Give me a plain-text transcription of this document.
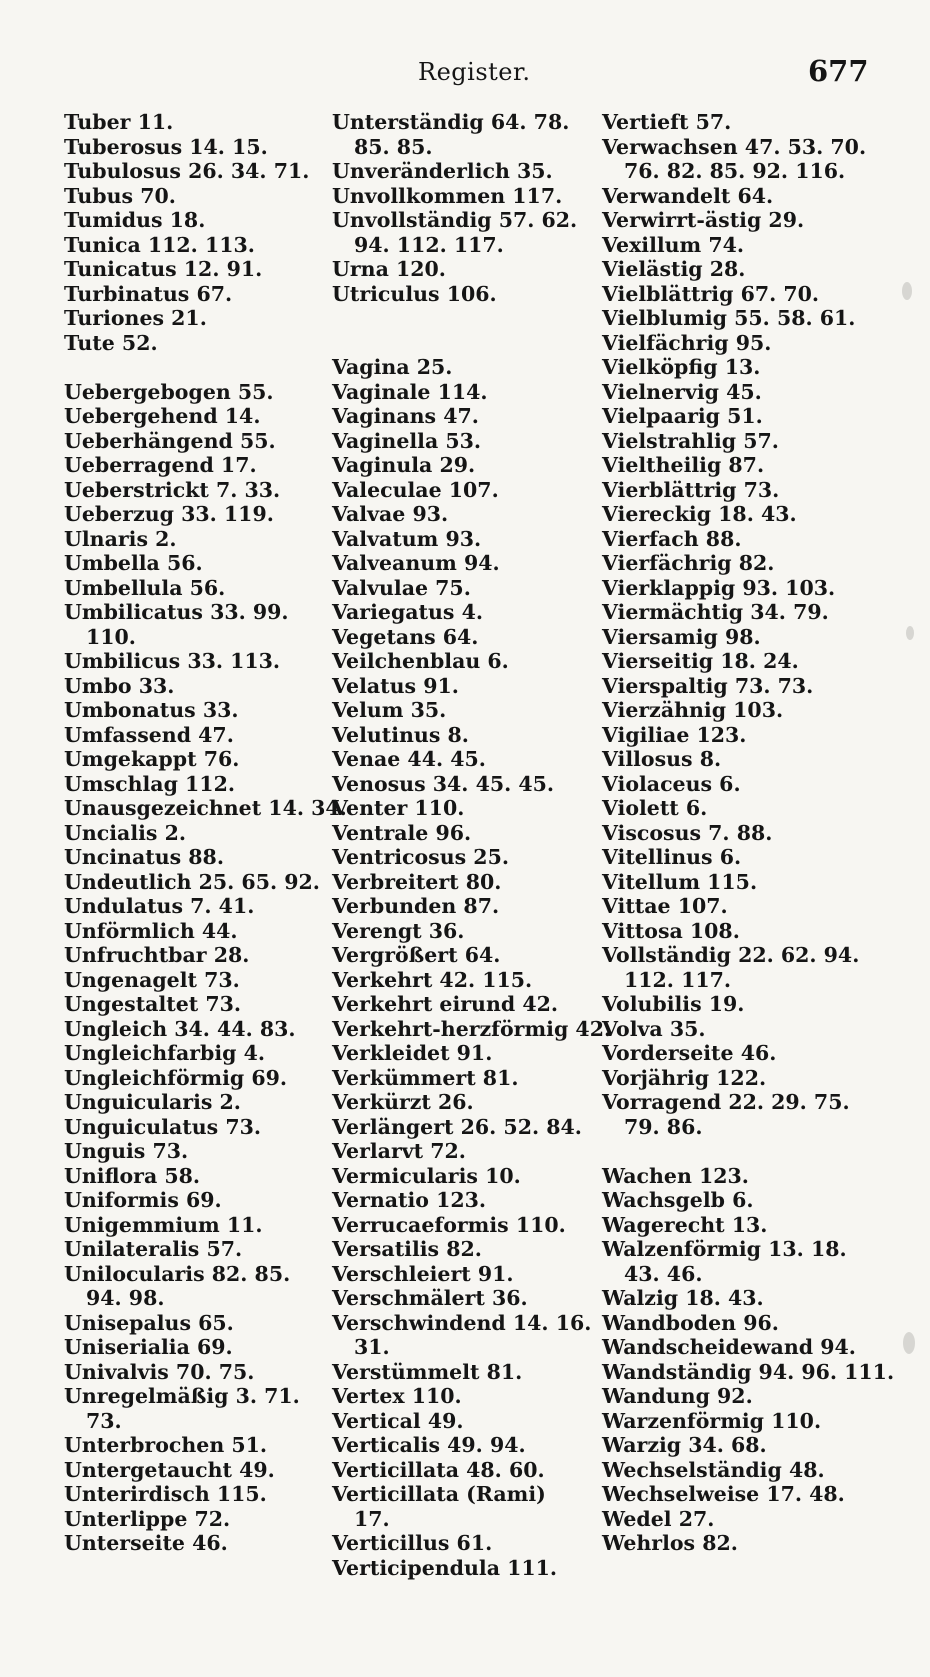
Register.	677
Tuber 11.
Tuberosus 14. 15.
Tubulosus 26. 34. 71.
Tubus 70.
Tumidus 18.
Tunica 112. 113.
Tunicatus 12. 91.
Turbinatus 67.
Turiones 21.
Tute 52.
Uebergebogen 55.
Uebergehend 14.
Ueberhängend 55.
Ueberragend 17.
Ueberstrickt 7. 33.
Ueberzug 33. 119.
Ulnaris 2.
Umbella 56.
Umbellula 56.
Umbilicatus 33. 99.
110.
Umbilicus 33. 113.
Umbo 33.
Umbonatus 33.
Umfassend 47.
Umgekappt 76.
Umschlag 112.
Unausgezeichnet 14. 34.
Uncialis 2.
Uncinatus 88.
Undeutlich 25. 65. 92.
Undulatus 7. 41.
Unförmlich 44.
Unfruchtbar 28.
Ungenagelt 73.
Ungestaltet 73.
Ungleich 34. 44. 83.
Ungleichfarbig 4.
Ungleichförmig 69.
Unguicularis 2.
Unguiculatus 73.
Unguis 73.
Uniflora 58.
Uniformis 69.
Unigemmium 11.
Unilateralis 57.
Unilocularis 82. 85.
94. 98.
Unisepalus 65.
Uniserialia 69.
Univalvis 70. 75.
Unregelmäßig 3. 71.
73.
Unterbrochen 51.
Untergetaucht 49.
Unterirdisch 115.
Unterlippe 72.
Unterseite 46.
Unterständig 64. 78.
85. 85.
Unveränderlich 35.
Unvollkommen 117.
Unvollständig 57. 62.
94. 112. 117.
Urna 120.
Utriculus 106.
Vagina 25.
Vaginale 114.
Vaginans 47.
Vaginella 53.
Vaginula 29.
Valeculae 107.
Valvae 93.
Valvatum 93.
Valveanum 94.
Valvulae 75.
Variegatus 4.
Vegetans 64.
Veilchenblau 6.
Velatus 91.
Velum 35.
Velutinus 8.
Venae 44. 45.
Venosus 34. 45. 45.
Venter 110.
Ventrale 96.
Ventricosus 25.
Verbreitert 80.
Verbunden 87.
Verengt 36.
Vergrößert 64.
Verkehrt 42. 115.
Verkehrt eirund 42.
Verkehrt-herzförmig 42.
Verkleidet 91.
Verkümmert 81.
Verkürzt 26.
Verlängert 26. 52. 84.
Verlarvt 72.
Vermicularis 10.
Vernatio 123.
Verrucaeformis 110.
Versatilis 82.
Verschleiert 91.
Verschmälert 36.
Verschwindend 14. 16.
31.
Verstümmelt 81.
Vertex 110.
Vertical 49.
Verticalis 49. 94.
Verticillata 48. 60.
Verticillata (Rami)
17.
Verticillus 61.
Verticipendula 111.
Vertieft 57.
Verwachsen 47. 53. 70.
76. 82. 85. 92. 116.
Verwandelt 64.
Verwirrt-ästig 29.
Vexillum 74.
Vielästig 28.
Vielblättrig 67. 70.
Vielblumig 55. 58. 61.
Vielfächrig 95.
Vielköpfig 13.
Vielnervig 45.
Vielpaarig 51.
Vielstrahlig 57.
Vieltheilig 87.
Vierblättrig 73.
Viereckig 18. 43.
Vierfach 88.
Vierfächrig 82.
Vierklappig 93. 103.
Viermächtig 34. 79.
Viersamig 98.
Vierseitig 18. 24.
Vierspaltig 73. 73.
Vierzähnig 103.
Vigiliae 123.
Villosus 8.
Violaceus 6.
Violett 6.
Viscosus 7. 88.
Vitellinus 6.
Vitellum 115.
Vittae 107.
Vittosa 108.
Vollständig 22. 62. 94.
112. 117.
Volubilis 19.
Volva 35.
Vorderseite 46.
Vorjährig 122.
Vorragend 22. 29. 75.
79. 86.
Wachen 123.
Wachsgelb 6.
Wagerecht 13.
Walzenförmig 13. 18.
43. 46.
Walzig 18. 43.
Wandboden 96.
Wandscheidewand 94.
Wandständig 94. 96. 111.
Wandung 92.
Warzenförmig 110.
Warzig 34. 68.
Wechselständig 48.
Wechselweise 17. 48.
Wedel 27.
Wehrlos 82.
